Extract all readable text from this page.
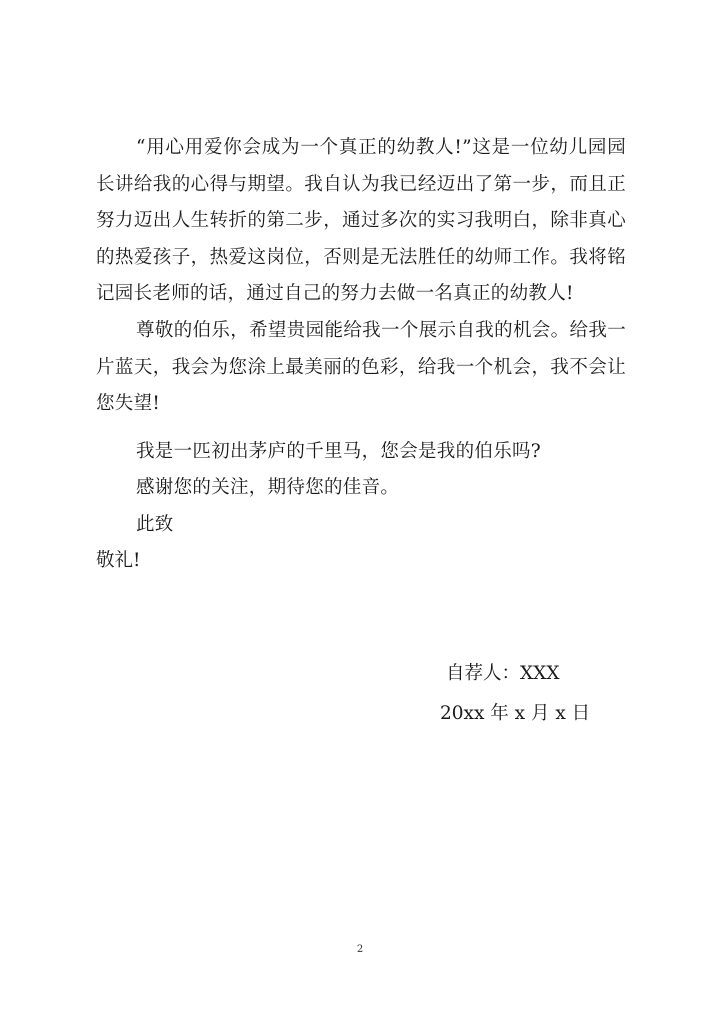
“用心用爱你会成为一个真正的幼教人!”这是一位幼儿园园长讲给我的心得与期望。我自认为我已经迈出了第一步，而且正努力迈出人生转折的第二步，通过多次的实习我明白，除非真心的热爱孩子，热爱这岗位，否则是无法胜任的幼师工作。我将铭记园长老师的话，通过自己的努力去做一名真正的幼教人!

尊敬的伯乐，希望贵园能给我一个展示自我的机会。给我一片蓝天，我会为您涂上最美丽的色彩，给我一个机会，我不会让您失望!

我是一匹初出茅庐的千里马，您会是我的伯乐吗?

感谢您的关注，期待您的佳音。

此致

敬礼!

自荐人：XXX

20xx 年 x 月 x 日

2
